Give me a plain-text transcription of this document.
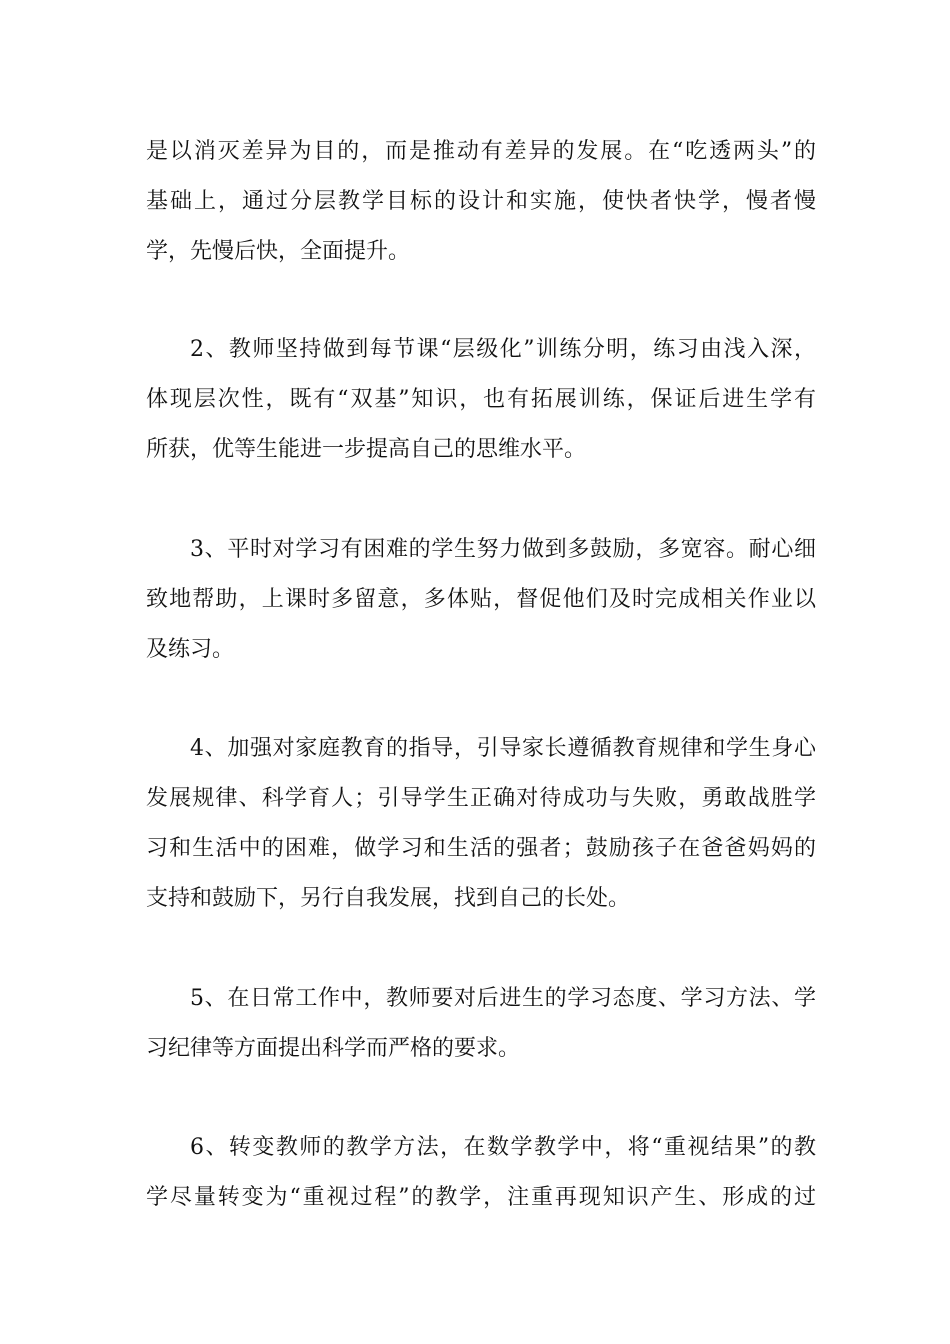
是以消灭差异为目的，而是推动有差异的发展。在“吃透两头”的
基础上，通过分层教学目标的设计和实施，使快者快学，慢者慢
学，先慢后快，全面提升。
2、教师坚持做到每节课“层级化”训练分明，练习由浅入深，
体现层次性，既有“双基”知识，也有拓展训练，保证后进生学有
所获，优等生能进一步提高自己的思维水平。
3、平时对学习有困难的学生努力做到多鼓励，多宽容。耐心细
致地帮助，上课时多留意，多体贴，督促他们及时完成相关作业以
及练习。
4、加强对家庭教育的指导，引导家长遵循教育规律和学生身心
发展规律、科学育人；引导学生正确对待成功与失败，勇敢战胜学
习和生活中的困难，做学习和生活的强者；鼓励孩子在爸爸妈妈的
支持和鼓励下，另行自我发展，找到自己的长处。
5、在日常工作中，教师要对后进生的学习态度、学习方法、学
习纪律等方面提出科学而严格的要求。
6、转变教师的教学方法，在数学教学中，将“重视结果”的教
学尽量转变为“重视过程”的教学，注重再现知识产生、形成的过
